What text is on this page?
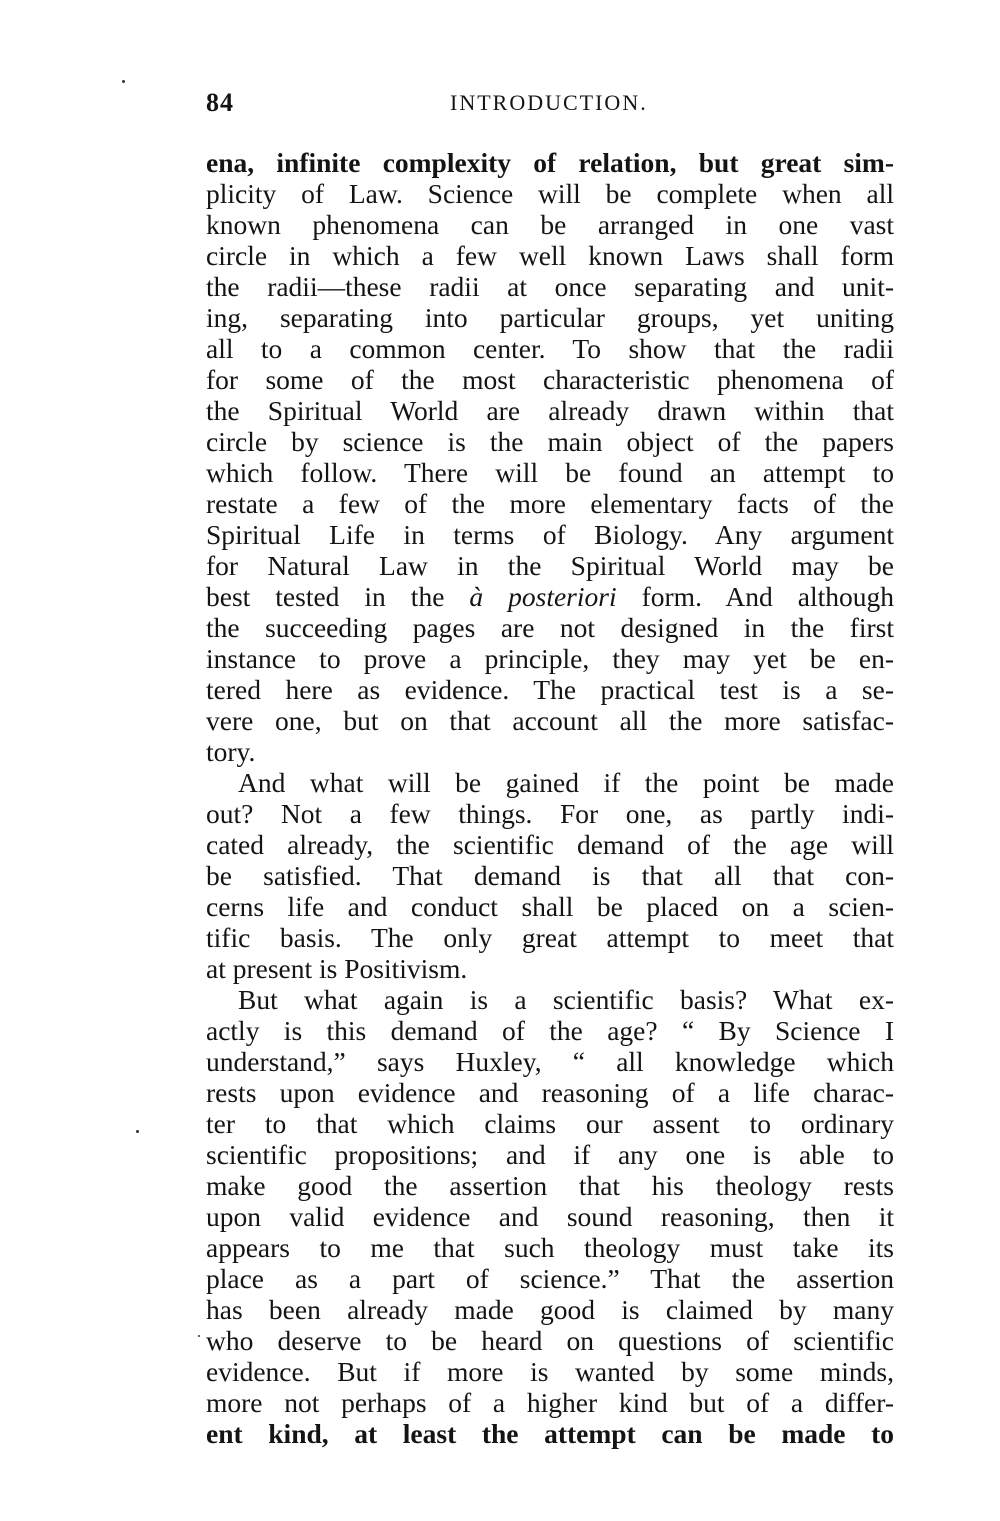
84	INTRODUCTION.
ena, infinite complexity of relation, but great sim-
plicity of Law. Science will be complete when all
known phenomena can be arranged in one vast
circle in which a few well known Laws shall form
the radii—these radii at once separating and unit-
ing, separating into particular groups, yet uniting
all to a common center. To show that the radii
for some of the most characteristic phenomena of
the Spiritual World are already drawn within that
circle by science is the main object of the papers
which follow. There will be found an attempt to
restate a few of the more elementary facts of the
Spiritual Life in terms of Biology. Any argument
for Natural Law in the Spiritual World may be
best tested in the à posteriori form. And although
the succeeding pages are not designed in the first
instance to prove a principle, they may yet be en-
tered here as evidence. The practical test is a se-
vere one, but on that account all the more satisfac-
tory.
And what will be gained if the point be made
out? Not a few things. For one, as partly indi-
cated already, the scientific demand of the age will
be satisfied. That demand is that all that con-
cerns life and conduct shall be placed on a scien-
tific basis. The only great attempt to meet that
at present is Positivism.
But what again is a scientific basis? What ex-
actly is this demand of the age? “ By Science I
understand,” says Huxley, “ all knowledge which
rests upon evidence and reasoning of a life charac-
ter to that which claims our assent to ordinary
scientific propositions; and if any one is able to
make good the assertion that his theology rests
upon valid evidence and sound reasoning, then it
appears to me that such theology must take its
place as a part of science.” That the assertion
has been already made good is claimed by many
who deserve to be heard on questions of scientific
evidence. But if more is wanted by some minds,
more not perhaps of a higher kind but of a differ-
ent kind, at least the attempt can be made to
